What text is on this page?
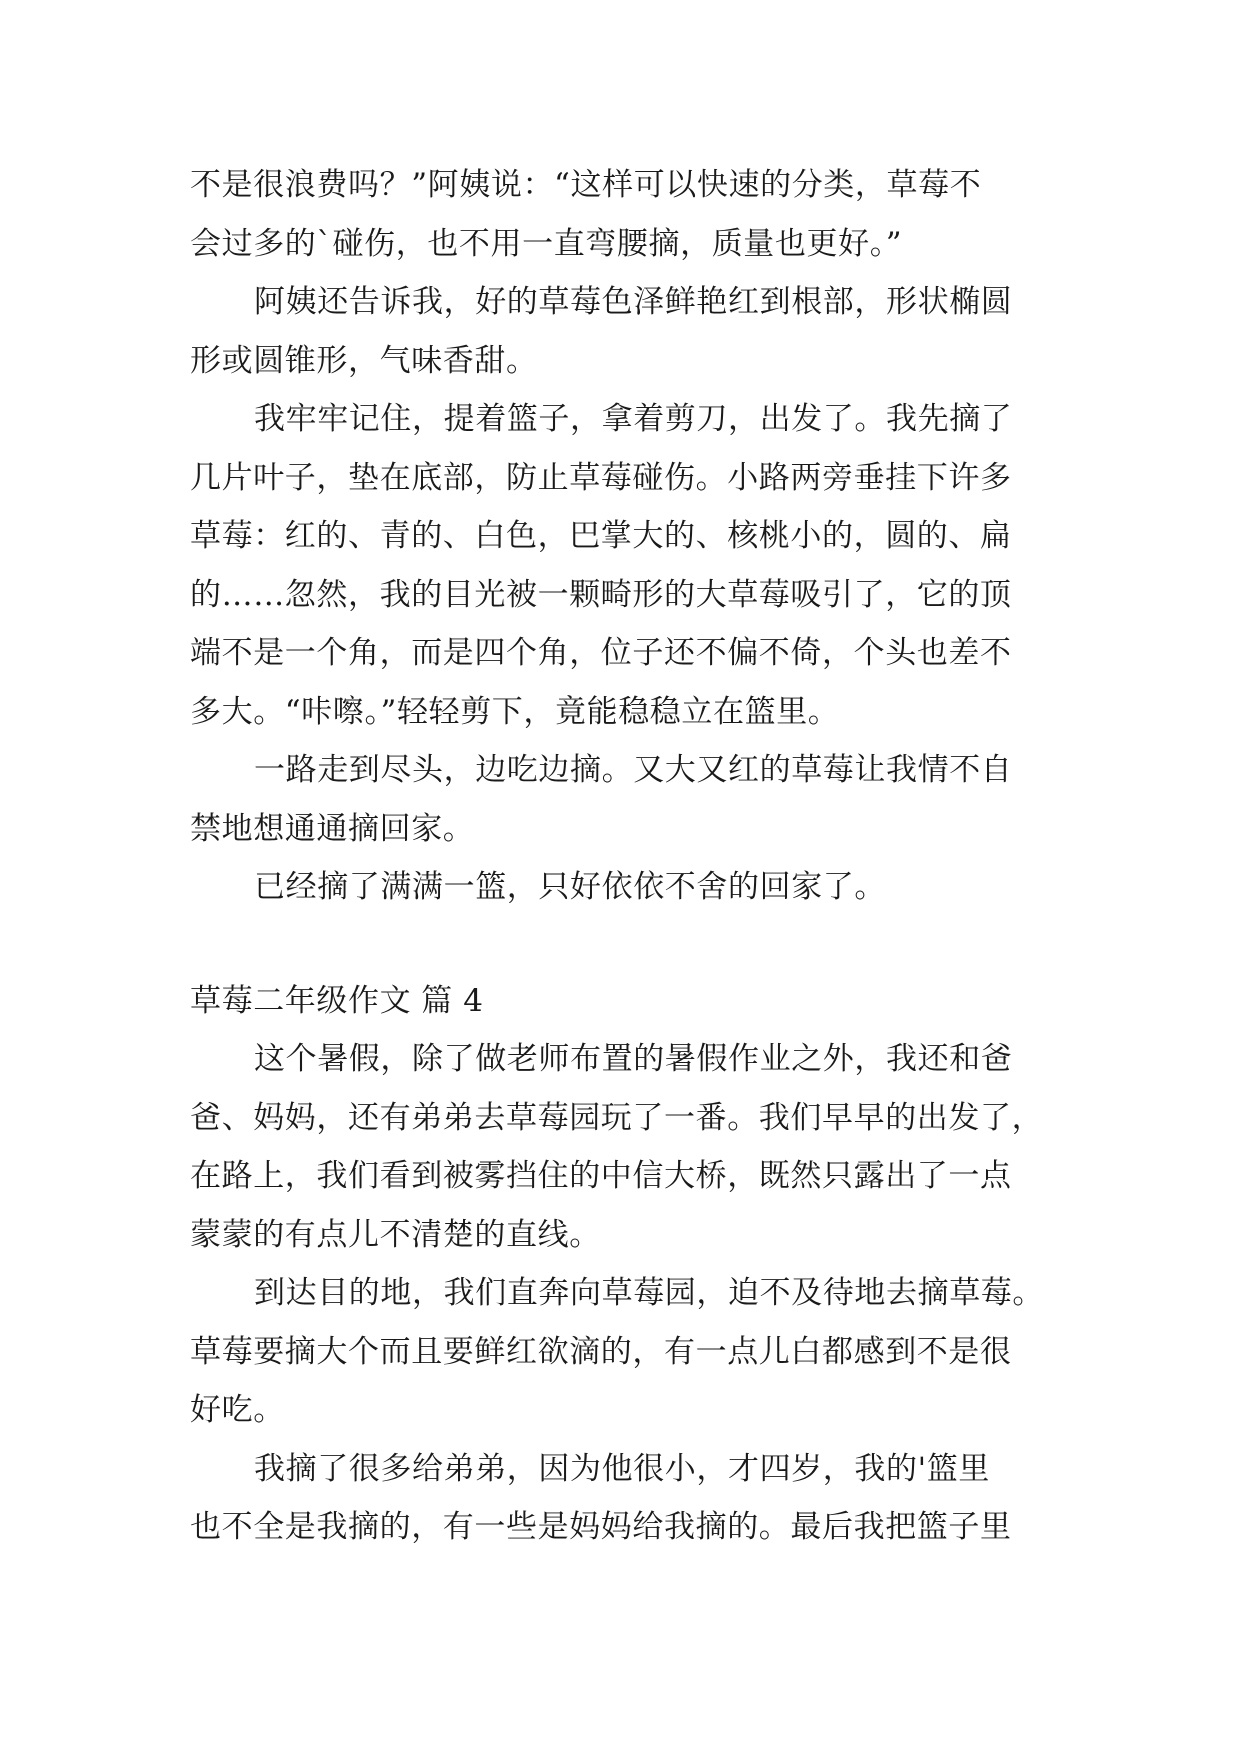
不是很浪费吗？”阿姨说：“这样可以快速的分类，草莓不
会过多的`碰伤，也不用一直弯腰摘，质量也更好。”
阿姨还告诉我，好的草莓色泽鲜艳红到根部，形状椭圆
形或圆锥形，气味香甜。
我牢牢记住，提着篮子，拿着剪刀，出发了。我先摘了
几片叶子，垫在底部，防止草莓碰伤。小路两旁垂挂下许多
草莓：红的、青的、白色，巴掌大的、核桃小的，圆的、扁
的……忽然，我的目光被一颗畸形的大草莓吸引了，它的顶
端不是一个角，而是四个角，位子还不偏不倚，个头也差不
多大。“咔嚓。”轻轻剪下，竟能稳稳立在篮里。
一路走到尽头，边吃边摘。又大又红的草莓让我情不自
禁地想通通摘回家。
已经摘了满满一篮，只好依依不舍的回家了。
草莓二年级作文 篇 4
这个暑假，除了做老师布置的暑假作业之外，我还和爸
爸、妈妈，还有弟弟去草莓园玩了一番。我们早早的出发了，
在路上，我们看到被雾挡住的中信大桥，既然只露出了一点
蒙蒙的有点儿不清楚的直线。
到达目的地，我们直奔向草莓园，迫不及待地去摘草莓。
草莓要摘大个而且要鲜红欲滴的，有一点儿白都感到不是很
好吃。
我摘了很多给弟弟，因为他很小，才四岁，我的'篮里
也不全是我摘的，有一些是妈妈给我摘的。最后我把篮子里
